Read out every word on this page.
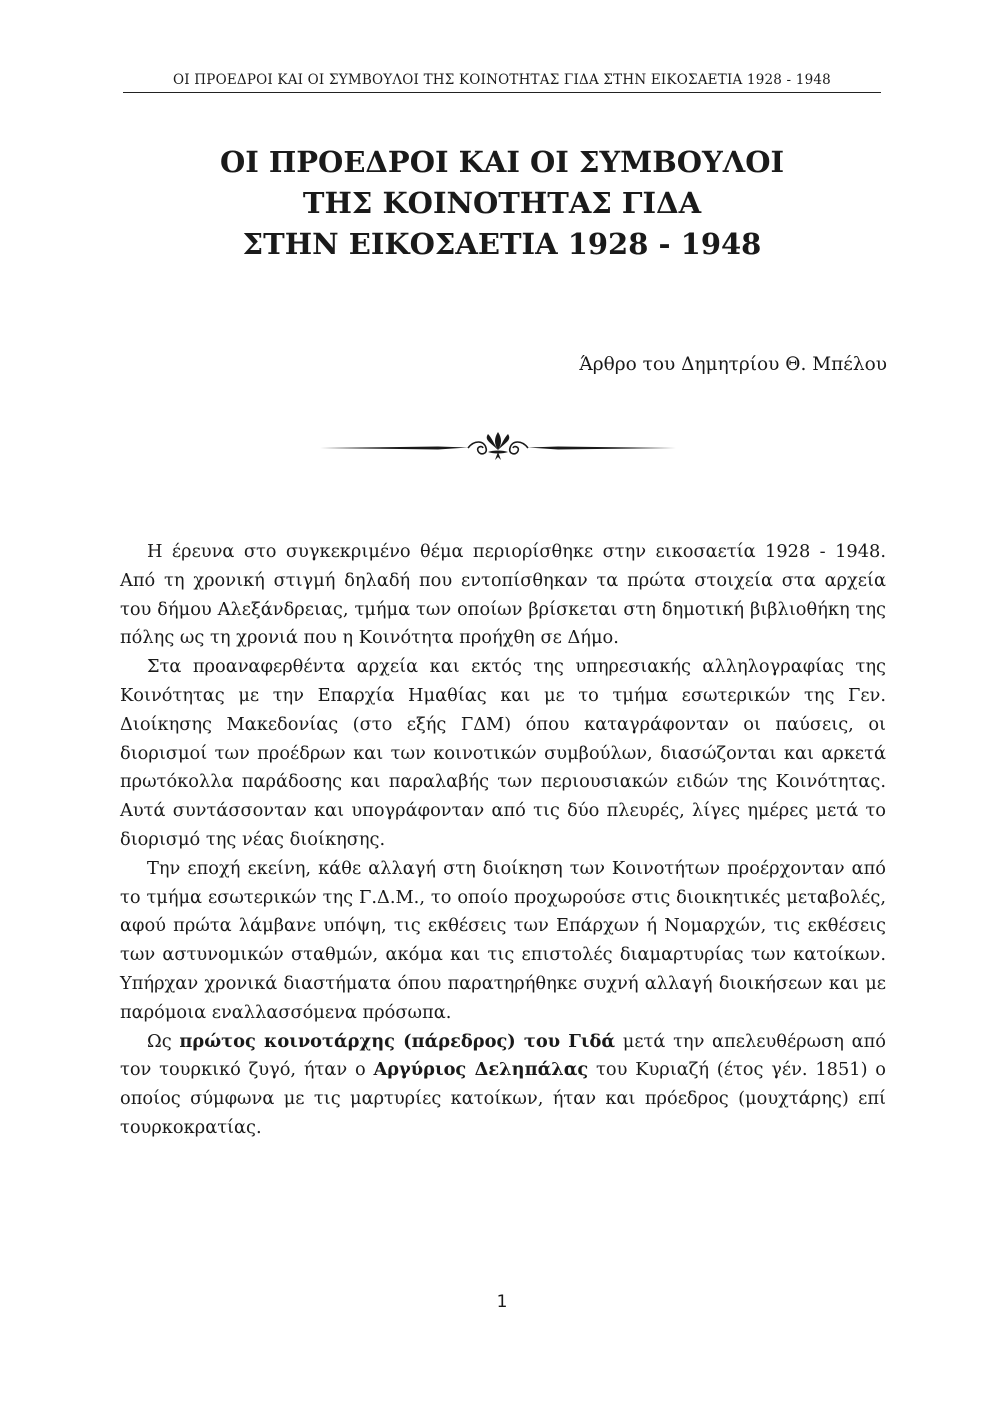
ΟΙ ΠΡΟΕΔΡΟΙ ΚΑΙ ΟΙ ΣΥΜΒΟΥΛΟΙ ΤΗΣ ΚΟΙΝΟΤΗΤΑΣ ΓΙΔΑ ΣΤΗΝ ΕΙΚΟΣΑΕΤΙΑ 1928 - 1948
ΟΙ ΠΡΟΕΔΡΟΙ ΚΑΙ ΟΙ ΣΥΜΒΟΥΛΟΙ
ΤΗΣ ΚΟΙΝΟΤΗΤΑΣ ΓΙΔΑ
ΣΤΗΝ ΕΙΚΟΣΑΕΤΙΑ 1928 - 1948
Άρθρο του Δημητρίου Θ. Μπέλου

Η έρευνα στο συγκεκριμένο θέμα περιορίσθηκε στην εικοσαετία 1928 - 1948. Από τη χρονική στιγμή δηλαδή που εντοπίσθηκαν τα πρώτα στοιχεία στα αρχεία του δήμου Αλεξάνδρειας, τμήμα των οποίων βρίσκεται στη δημοτική βιβλιοθήκη της πόλης ως τη χρονιά που η Κοινότητα προήχθη σε Δήμο.

Στα προαναφερθέντα αρχεία και εκτός της υπηρεσιακής αλληλογραφίας της Κοινότητας με την Επαρχία Ημαθίας και με το τμήμα εσωτερικών της Γεν. Διοίκησης Μακεδονίας (στο εξής ΓΔΜ) όπου καταγράφονταν οι παύσεις, οι διορισμοί των προέδρων και των κοινοτικών συμβούλων, διασώζονται και αρκετά πρωτόκολλα παράδοσης και παραλαβής των περιουσιακών ειδών της Κοινότητας. Αυτά συντάσσονταν και υπογράφονταν από τις δύο πλευρές, λίγες ημέρες μετά το διορισμό της νέας διοίκησης.

Την εποχή εκείνη, κάθε αλλαγή στη διοίκηση των Κοινοτήτων προέρχονταν από το τμήμα εσωτερικών της Γ.Δ.Μ., το οποίο προχωρούσε στις διοικητικές μεταβολές, αφού πρώτα λάμβανε υπόψη, τις εκθέσεις των Επάρχων ή Νομαρχών, τις εκθέσεις των αστυνομικών σταθμών, ακόμα και τις επιστολές διαμαρτυρίας των κατοίκων. Υπήρχαν χρονικά διαστήματα όπου παρατηρήθηκε συχνή αλλαγή διοικήσεων και με παρόμοια εναλλασσόμενα πρόσωπα.

Ως πρώτος κοινοτάρχης (πάρεδρος) του Γιδά μετά την απελευθέρωση από τον τουρκικό ζυγό, ήταν ο Αργύριος Δεληπάλας του Κυριαζή (έτος γέν. 1851) ο οποίος σύμφωνα με τις μαρτυρίες κατοίκων, ήταν και πρόεδρος (μουχτάρης) επί τουρκοκρατίας.

1
